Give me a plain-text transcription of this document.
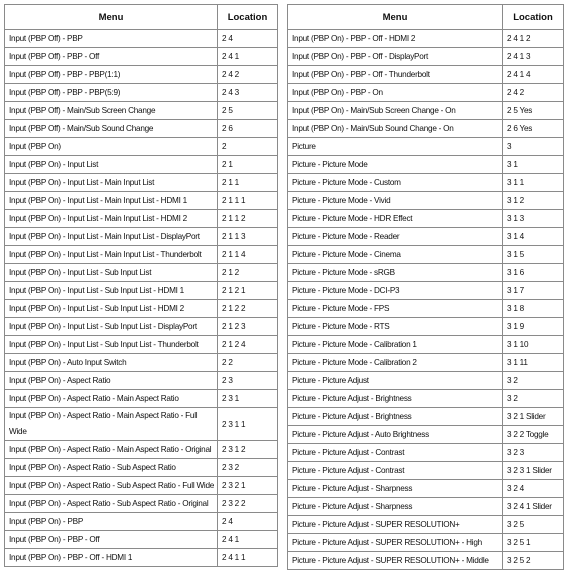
Menu	Location
Input (PBP Off) - PBP	2 4
Input (PBP Off) - PBP - Off	2 4 1
Input (PBP Off) - PBP - PBP(1:1)	2 4 2
Input (PBP Off) - PBP - PBP(5:9)	2 4 3
Input (PBP Off) - Main/Sub Screen Change	2 5
Input (PBP Off) - Main/Sub Sound Change	2 6
Input (PBP On)	2
Input (PBP On) - Input List	2 1
Input (PBP On) - Input List - Main Input List	2 1 1
Input (PBP On) - Input List - Main Input List - HDMI 1	2 1 1 1
Input (PBP On) - Input List - Main Input List - HDMI 2	2 1 1 2
Input (PBP On) - Input List - Main Input List - DisplayPort	2 1 1 3
Input (PBP On) - Input List - Main Input List - Thunderbolt	2 1 1 4
Input (PBP On) - Input List - Sub Input List	2 1 2
Input (PBP On) - Input List - Sub Input List - HDMI 1	2 1 2 1
Input (PBP On) - Input List - Sub Input List - HDMI 2	2 1 2 2
Input (PBP On) - Input List - Sub Input List - DisplayPort	2 1 2 3
Input (PBP On) - Input List - Sub Input List - Thunderbolt	2 1 2 4
Input (PBP On) - Auto Input Switch	2 2
Input (PBP On) - Aspect Ratio	2 3
Input (PBP On) - Aspect Ratio - Main Aspect Ratio	2 3 1
Input (PBP On) - Aspect Ratio - Main Aspect Ratio - Full Wide	2 3 1 1
Input (PBP On) - Aspect Ratio - Main Aspect Ratio - Original	2 3 1 2
Input (PBP On) - Aspect Ratio - Sub Aspect Ratio	2 3 2
Input (PBP On) - Aspect Ratio - Sub Aspect Ratio - Full Wide	2 3 2 1
Input (PBP On) - Aspect Ratio - Sub Aspect Ratio - Original	2 3 2 2
Input (PBP On) - PBP	2 4
Input (PBP On) - PBP - Off	2 4 1
Input (PBP On) - PBP - Off - HDMI 1	2 4 1 1
Menu	Location
Input (PBP On) - PBP - Off - HDMI 2	2 4 1 2
Input (PBP On) - PBP - Off - DisplayPort	2 4 1 3
Input (PBP On) - PBP - Off - Thunderbolt	2 4 1 4
Input (PBP On) - PBP - On	2 4 2
Input (PBP On) - Main/Sub Screen Change - On	2 5 Yes
Input (PBP On) - Main/Sub Sound Change - On	2 6 Yes
Picture	3
Picture - Picture Mode	3 1
Picture - Picture Mode - Custom	3 1 1
Picture - Picture Mode - Vivid	3 1 2
Picture - Picture Mode - HDR Effect	3 1 3
Picture - Picture Mode - Reader	3 1 4
Picture - Picture Mode - Cinema	3 1 5
Picture - Picture Mode - sRGB	3 1 6
Picture - Picture Mode - DCI-P3	3 1 7
Picture - Picture Mode - FPS	3 1 8
Picture - Picture Mode - RTS	3 1 9
Picture - Picture Mode - Calibration 1	3 1 10
Picture - Picture Mode - Calibration 2	3 1 11
Picture - Picture Adjust	3 2
Picture - Picture Adjust - Brightness	3 2
Picture - Picture Adjust - Brightness	3 2 1 Slider
Picture - Picture Adjust - Auto Brightness	3 2 2 Toggle
Picture - Picture Adjust - Contrast	3 2 3
Picture - Picture Adjust - Contrast	3 2 3 1 Slider
Picture - Picture Adjust - Sharpness	3 2 4
Picture - Picture Adjust - Sharpness	3 2 4 1 Slider
Picture - Picture Adjust - SUPER RESOLUTION+	3 2 5
Picture - Picture Adjust - SUPER RESOLUTION+ - High	3 2 5 1
Picture - Picture Adjust - SUPER RESOLUTION+ - Middle	3 2 5 2
